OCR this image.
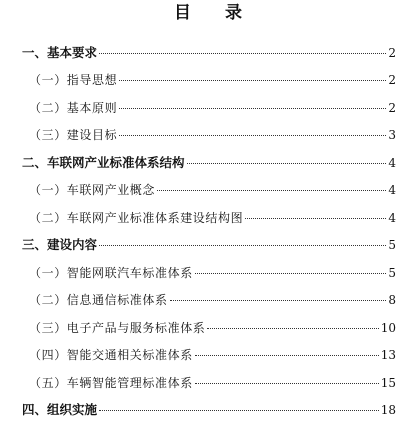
目 录
一、基本要求	2
（一）指导思想	2
（二）基本原则	2
（三）建设目标	3
二、车联网产业标准体系结构	4
（一）车联网产业概念	4
（二）车联网产业标准体系建设结构图	4
三、建设内容	5
（一）智能网联汽车标准体系	5
（二）信息通信标准体系	8
（三）电子产品与服务标准体系	10
（四）智能交通相关标准体系	13
（五）车辆智能管理标准体系	15
四、组织实施	18
